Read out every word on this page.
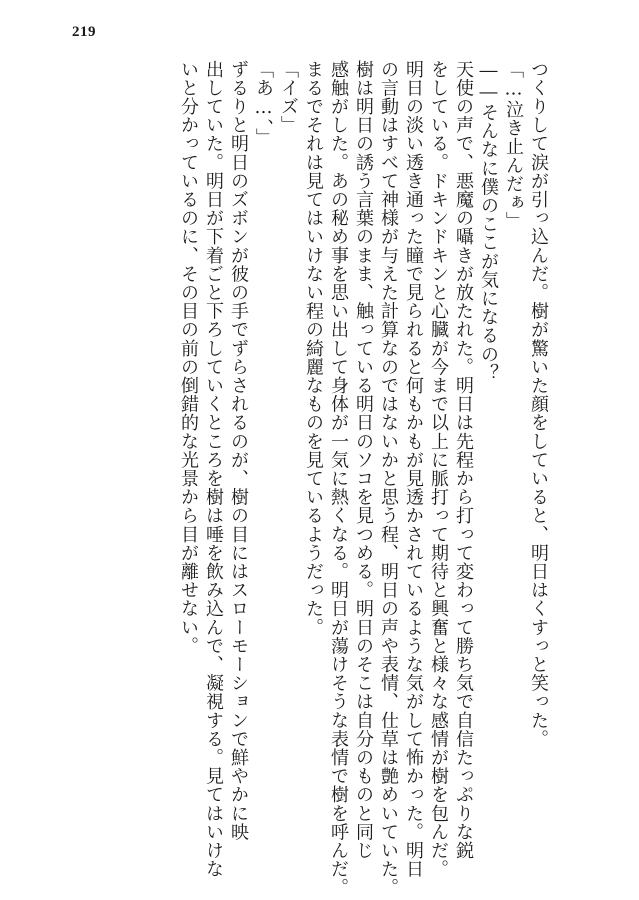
219
つくりして涙が引っ込んだ。樹が驚いた顔をしていると、明日はくすっと笑った。
「…泣き止んだぁ」
――そんなに僕のここが気になるの？
天使の声で、悪魔の囁きが放たれた。明日は先程から打って変わって勝ち気で自信たっぷりな鋭
をしている。ドキンドキンと心臓が今まで以上に脈打って期待と興奮と様々な感情が樹を包んだ。
明日の淡い透き通った瞳で見られると何もかもが見透かされているような気がして怖かった。明日
の言動はすべて神様が与えた計算なのではないかと思う程、明日の声や表情、仕草は艶めいていた。
樹は明日の誘う言葉のまま、触っている明日のソコを見つめる。明日のそこは自分のものと同じ
感触がした。あの秘め事を思い出して身体が一気に熱くなる。明日が蕩けそうな表情で樹を呼んだ。
まるでそれは見てはいけない程の綺麗なものを見ているようだった。
「イズ」
「あ…、」
ずるりと明日のズボンが彼の手でずらされるのが、樹の目にはスローモーションで鮮やかに映
出していた。明日が下着ごと下ろしていくところを樹は唾を飲み込んで、凝視する。見てはいけな
いと分かっているのに、その目の前の倒錯的な光景から目が離せない。
